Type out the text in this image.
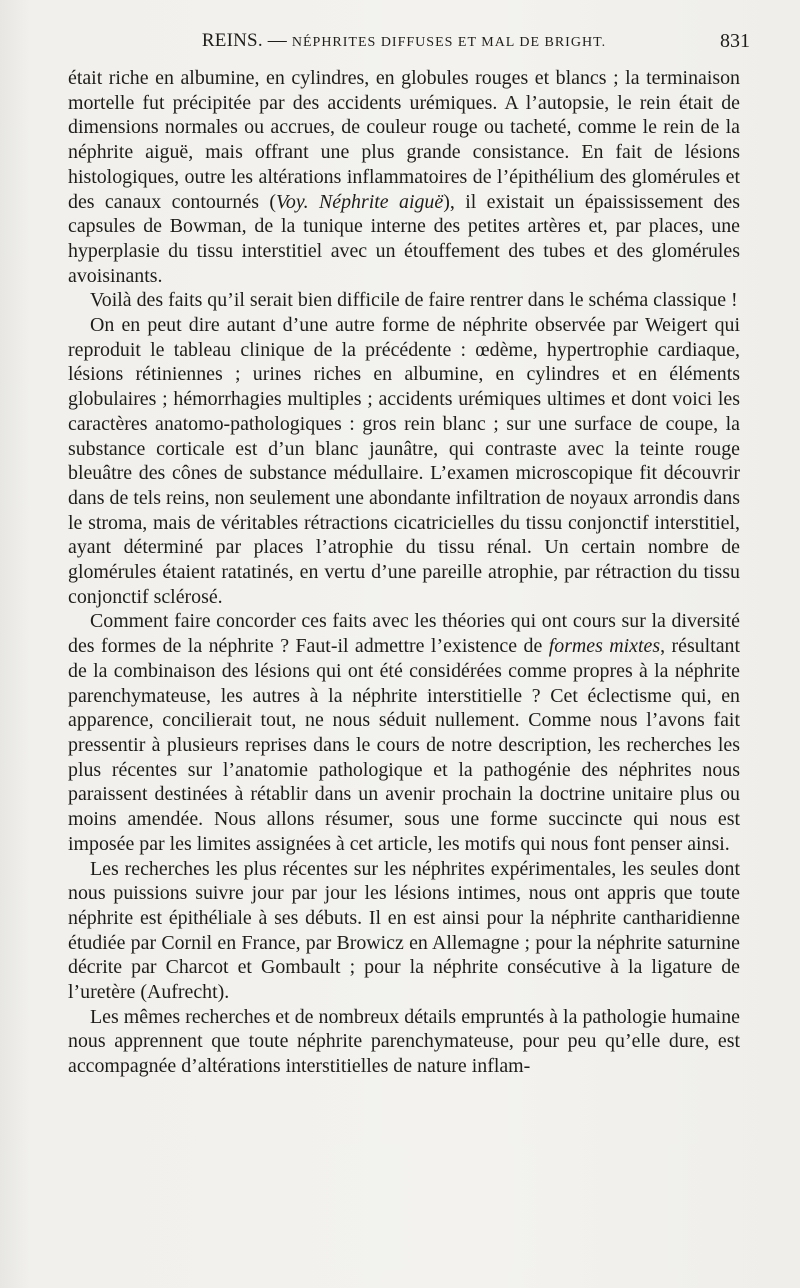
REINS. — NÉPHRITES DIFFUSES ET MAL DE BRIGHT.	831

était riche en albumine, en cylindres, en globules rouges et blancs ; la terminaison mortelle fut précipitée par des accidents urémiques. A l’autopsie, le rein était de dimensions normales ou accrues, de couleur rouge ou tacheté, comme le rein de la néphrite aiguë, mais offrant une plus grande consistance. En fait de lésions histologiques, outre les altérations inflammatoires de l’épithélium des glomérules et des canaux contournés (Voy. Néphrite aiguë), il existait un épaississement des capsules de Bowman, de la tunique interne des petites artères et, par places, une hyperplasie du tissu interstitiel avec un étouffement des tubes et des glomérules avoisinants.

Voilà des faits qu’il serait bien difficile de faire rentrer dans le schéma classique !

On en peut dire autant d’une autre forme de néphrite observée par Weigert qui reproduit le tableau clinique de la précédente : œdème, hypertrophie cardiaque, lésions rétiniennes ; urines riches en albumine, en cylindres et en éléments globulaires ; hémorrhagies multiples ; accidents urémiques ultimes et dont voici les caractères anatomo-pathologiques : gros rein blanc ; sur une surface de coupe, la substance corticale est d’un blanc jaunâtre, qui contraste avec la teinte rouge bleuâtre des cônes de substance médullaire. L’examen microscopique fit découvrir dans de tels reins, non seulement une abondante infiltration de noyaux arrondis dans le stroma, mais de véritables rétractions cicatricielles du tissu conjonctif interstitiel, ayant déterminé par places l’atrophie du tissu rénal. Un certain nombre de glomérules étaient ratatinés, en vertu d’une pareille atrophie, par rétraction du tissu conjonctif sclérosé.

Comment faire concorder ces faits avec les théories qui ont cours sur la diversité des formes de la néphrite ? Faut-il admettre l’existence de formes mixtes, résultant de la combinaison des lésions qui ont été considérées comme propres à la néphrite parenchymateuse, les autres à la néphrite interstitielle ? Cet éclectisme qui, en apparence, concilierait tout, ne nous séduit nullement. Comme nous l’avons fait pressentir à plusieurs reprises dans le cours de notre description, les recherches les plus récentes sur l’anatomie pathologique et la pathogénie des néphrites nous paraissent destinées à rétablir dans un avenir prochain la doctrine unitaire plus ou moins amendée. Nous allons résumer, sous une forme succincte qui nous est imposée par les limites assignées à cet article, les motifs qui nous font penser ainsi.

Les recherches les plus récentes sur les néphrites expérimentales, les seules dont nous puissions suivre jour par jour les lésions intimes, nous ont appris que toute néphrite est épithéliale à ses débuts. Il en est ainsi pour la néphrite cantharidienne étudiée par Cornil en France, par Browicz en Allemagne ; pour la néphrite saturnine décrite par Charcot et Gombault ; pour la néphrite consécutive à la ligature de l’uretère (Aufrecht).

Les mêmes recherches et de nombreux détails empruntés à la pathologie humaine nous apprennent que toute néphrite parenchymateuse, pour peu qu’elle dure, est accompagnée d’altérations interstitielles de nature inflam-
